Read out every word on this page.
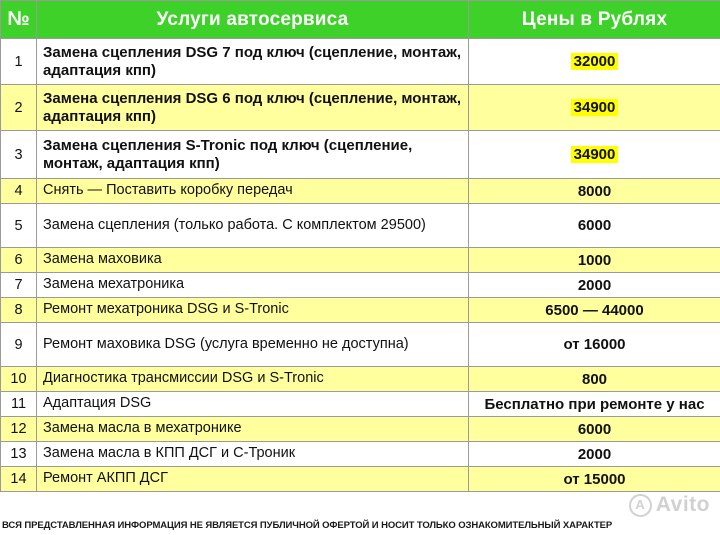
№	Услуги автосервиса	Цены в Рублях
1	Замена сцепления DSG 7 под ключ (сцепление, монтаж, адаптация кпп)	32000
2	Замена сцепления DSG 6 под ключ (сцепление, монтаж, адаптация кпп)	34900
3	Замена сцепления S-Tronic под ключ (сцепление, монтаж, адаптация кпп)	34900
4	Снять — Поставить коробку передач	8000
5	Замена сцепления (только работа. С комплектом 29500)	6000
6	Замена маховика	1000
7	Замена мехатроника	2000
8	Ремонт мехатроника DSG и S-Tronic	6500 — 44000
9	Ремонт маховика DSG (услуга временно не доступна)	от 16000
10	Диагностика трансмиссии DSG и S-Tronic	800
11	Адаптация DSG	Бесплатно при ремонте у нас
12	Замена масла в мехатронике	6000
13	Замена масла в КПП ДСГ и С-Троник	2000
14	Ремонт АКПП ДСГ	от 15000
ВСЯ ПРЕДСТАВЛЕННАЯ ИНФОРМАЦИЯ НЕ ЯВЛЯЕТСЯ ПУБЛИЧНОЙ ОФЕРТОЙ И НОСИТ ТОЛЬКО ОЗНАКОМИТЕЛЬНЫЙ ХАРАКТЕР
A Avito
